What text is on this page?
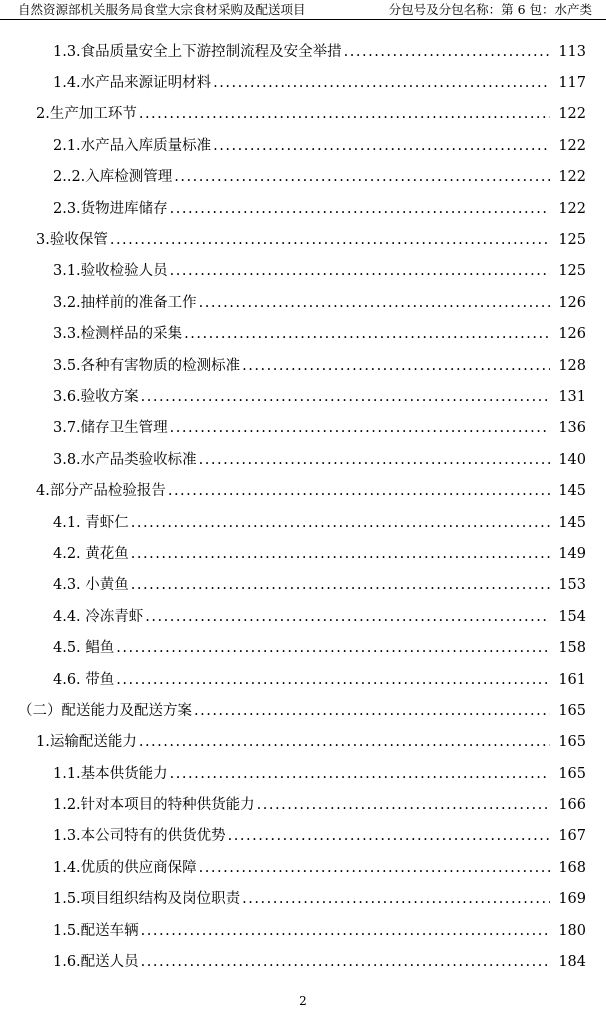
自然资源部机关服务局食堂大宗食材采购及配送项目	分包号及分包名称：第 6 包：水产类
1.3.食品质量安全上下游控制流程及安全举措 .....	113
1.4.水产品来源证明材料 .....	117
2.生产加工环节 .....	122
2.1.水产品入库质量标准 .....	122
2..2.入库检测管理 .....	122
2.3.货物进库储存 .....	122
3.验收保管 .....	125
3.1.验收检验人员 .....	125
3.2.抽样前的准备工作 .....	126
3.3.检测样品的采集 .....	126
3.5.各种有害物质的检测标准 .....	128
3.6.验收方案 .....	131
3.7.储存卫生管理 .....	136
3.8.水产品类验收标准 .....	140
4.部分产品检验报告 .....	145
4.1. 青虾仁 .....	145
4.2. 黄花鱼 .....	149
4.3. 小黄鱼 .....	153
4.4. 冷冻青虾 .....	154
4.5. 鲳鱼 .....	158
4.6. 带鱼 .....	161
（二）配送能力及配送方案 .....	165
1.运输配送能力 .....	165
1.1.基本供货能力 .....	165
1.2.针对本项目的特种供货能力 .....	166
1.3.本公司特有的供货优势 .....	167
1.4.优质的供应商保障 .....	168
1.5.项目组织结构及岗位职责 .....	169
1.5.配送车辆 .....	180
1.6.配送人员 .....	184
2
